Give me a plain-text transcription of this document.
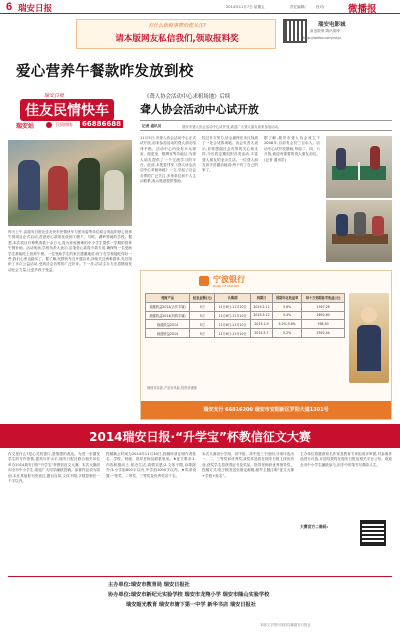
6 瑞安日报	2014年11月7日 星期五	责任编辑/	校对/ 微播报
有什么新鲜事带给您关注?
请本版网友私信我们,领取报料奖
瑞安电影城
新浪微博 腾讯微博
http://weibo.com/ruiyc
爱心营养午餐款昨发放到校
瑞安日报
佳友民情快车
瑞安站	民情热线: 66886688
昨天上午,由瑞安日报社佳友快车民情快车与团市委等单位联合发起的爱心营养午餐项目正式启动,首批爱心款项发放到了塘下、马屿、湖岭等地的学校。据悉,本次项目共筹集善款十余万元,将为家庭困难的中小学生提供一学期的营养午餐补助。活动现场,学校负责人表示,这笔爱心款将专款专用,确保每一名受助学生都能吃上营养午餐。一位受助学生的家长感激地说:孩子在学校能吃得好一些,我们心里也踏实了。据了解,民情快车自开通以来,持续关注困难群体,先后组织了多次公益活动,受到社会各界的广泛好评。下一步,活动主办方还将继续发动社会力量,让更多孩子受益。
《聋人协会活动中心求租场地》后续
聋人协会活动中心试开放
记者 通讯员	瑞安市聋人协会活动中心试开放,欢迎广大聋人朋友前来参加活动。
11月5日,市聋人协会活动中心正式试开放,前来参加活动的聋人朋友络绎不绝。活动中心内设有乒乓球室、阅览室、棋牌室等功能区,为聋人朋友提供了一个交流学习的平台。此前,本报曾刊发《聋人协会活动中心求租场地》一文,引起了社会各界的广泛关注,多家单位和个人主动联系,表示愿意提供帮助。
经过多方努力,协会最终在市区找到了一处合适的场地。协会负责人表示,非常感谢社会各界的关心和支持,今后将定期组织各类活动,丰富聋人朋友的业余生活。一位聋人朋友用手语激动地说:终于有了自己的家了。
据了解,瑞安市聋人协会成立于2008年,目前有会员三百余人。活动中心试开放期间,每周二、四、六开放,欢迎有需要的聋人朋友前往。(记者 通讯员)
宁波银行
BANK OF NINGBO
理财产品	起息金额(元)	认购期	到期日	预期年化收益率	每十万到期参考收益(元)
稳健收益2014(合作专属)	5万	11月6日-11月10日	2015.2.11	5.6%	1397.26
稳健收益2014(机构专属)	5万	11月6日-11月10日	2015.5.12	5.4%	2692.60
稳健收益2014	5万	11月6日-11月10日	2015.1.9	5.2%-5.6%	768.50
稳健收益2014	5万	11月6日-11月10日	2015.5.7	5.2%	2592.44
理财非存款,产品有风险,投资须谨慎
瑞安支行 66816200 瑞安市安阳新区罗阳大道1301号
2014瑞安日报·“升学宝”杯教信征文大赛
作文是什么?是心灵的窗口,是情感的表达。为进一步激发学生的写作热情,提高写作水平,瑞安日报社联合相关单位举办2014瑞安日报“升学宝”杯教信征文大赛。本次大赛面向全市中小学生,欢迎广大同学踊跃投稿。参赛作品须为原创,未在其他报刊发表过,题目自拟,文体不限,字数控制在一千字以内。
投稿截止时间为2014年11月30日,投稿时请注明作者姓名、学校、班级、指导老师及联系电话。★征文要求:1.内容积极向上,贴近生活,真情实感;2.文体不限,诗歌除外;3.小学组800字以内,中学组1000字以内。★奖项设置:一等奖、二等奖、三等奖及优秀奖若干名。
本次大赛设小学组、初中组、高中组三个组别,分别评选出一、二、三等奖和优秀奖,获奖作品将在瑞安日报上择优刊登,获奖学生将获得证书及奖品。指导老师获优秀指导奖。投稿方式:电子稿发送至指定邮箱,邮件主题注明“征文大赛+学校+姓名”。
主办单位将邀请知名作家及教育专家组成评审团,对参赛作品进行评选,评选结果将在瑞安日报及相关平台公布。欢迎全市中小学生踊跃参与,用手中的笔书写精彩人生。
大赛官方二维码:
主办单位:瑞安市教育局 瑞安日报社
协办单位:瑞安市新纪元实验学校 瑞安市龙翔小学 瑞安市隆山实验学校
瑞安韶光教育 瑞安市塘下第一中学 新华书店 瑞安日报社
本版文字图片版权均属瑞安日报社
